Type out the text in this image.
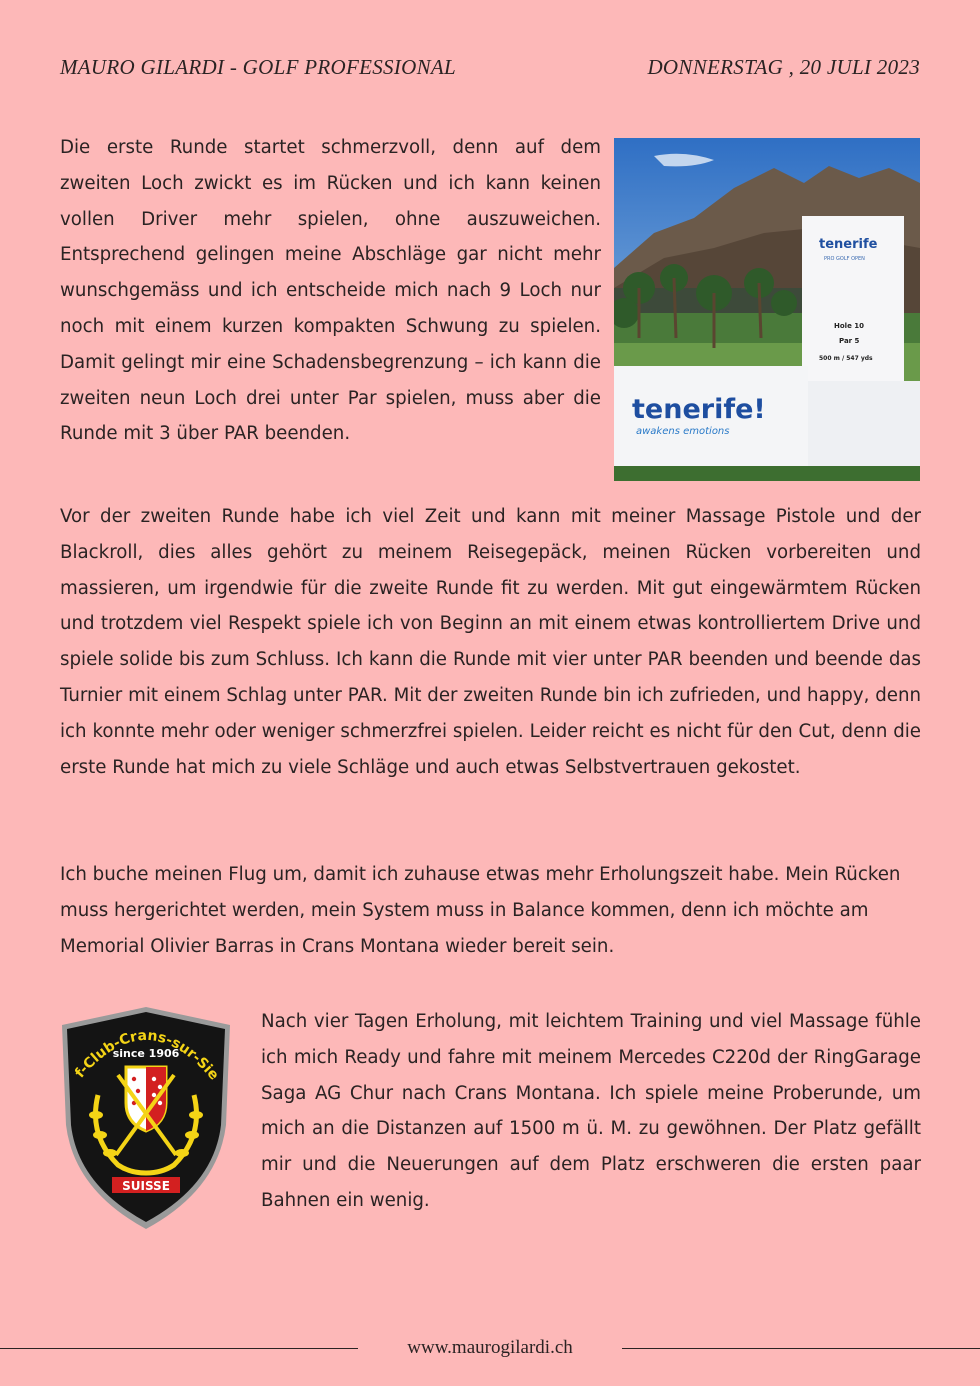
MAURO GILARDI - GOLF PROFESSIONAL	DONNERSTAG , 20 JULI 2023

Die erste Runde startet schmerzvoll, denn auf dem zweiten Loch zwickt es im Rücken und ich kann keinen vollen Driver mehr spielen, ohne auszuweichen. Entsprechend gelingen meine Abschläge gar nicht mehr wunschgemäss und ich entscheide mich nach 9 Loch nur noch mit einem kurzen kompakten Schwung zu spielen. Damit gelingt mir eine Schadensbegrenzung – ich kann die zweiten neun Loch drei unter Par spielen, muss aber die Runde mit 3 über PAR beenden.

tenerife
PRO GOLF OPEN
Hole 10
Par 5
500 m / 547 yds
tenerife!
awakens emotions

Vor der zweiten Runde habe ich viel Zeit und kann mit meiner Massage Pistole und der Blackroll, dies alles gehört zu meinem Reisegepäck, meinen Rücken vorbereiten und massieren, um irgendwie für die zweite Runde fit zu werden. Mit gut eingewärmtem Rücken und trotzdem viel Respekt spiele ich von Beginn an mit einem etwas kontrolliertem Drive und spiele solide bis zum Schluss. Ich kann die Runde mit vier unter PAR beenden und beende das Turnier mit einem Schlag unter PAR. Mit der zweiten Runde bin ich zufrieden, und happy, denn ich konnte mehr oder weniger schmerzfrei spielen. Leider reicht es nicht für den Cut, denn die erste Runde hat mich zu viele Schläge und auch etwas Selbstvertrauen gekostet.

Ich buche meinen Flug um, damit ich zuhause etwas mehr Erholungszeit habe. Mein Rücken muss hergerichtet werden, mein System muss in Balance kommen, denn ich möchte am Memorial Olivier Barras in Crans Montana wieder bereit sein.

f-Club-Crans-sur-Sie
since 1906
SUISSE

Nach vier Tagen Erholung, mit leichtem Training und viel Massage fühle ich mich Ready und fahre mit meinem Mercedes C220d der RingGarage Saga AG Chur nach Crans Montana. Ich spiele meine Proberunde, um mich an die Distanzen auf 1500 m ü. M. zu gewöhnen. Der Platz gefällt mir und die Neuerungen auf dem Platz erschweren die ersten paar Bahnen ein wenig.

www.maurogilardi.ch
